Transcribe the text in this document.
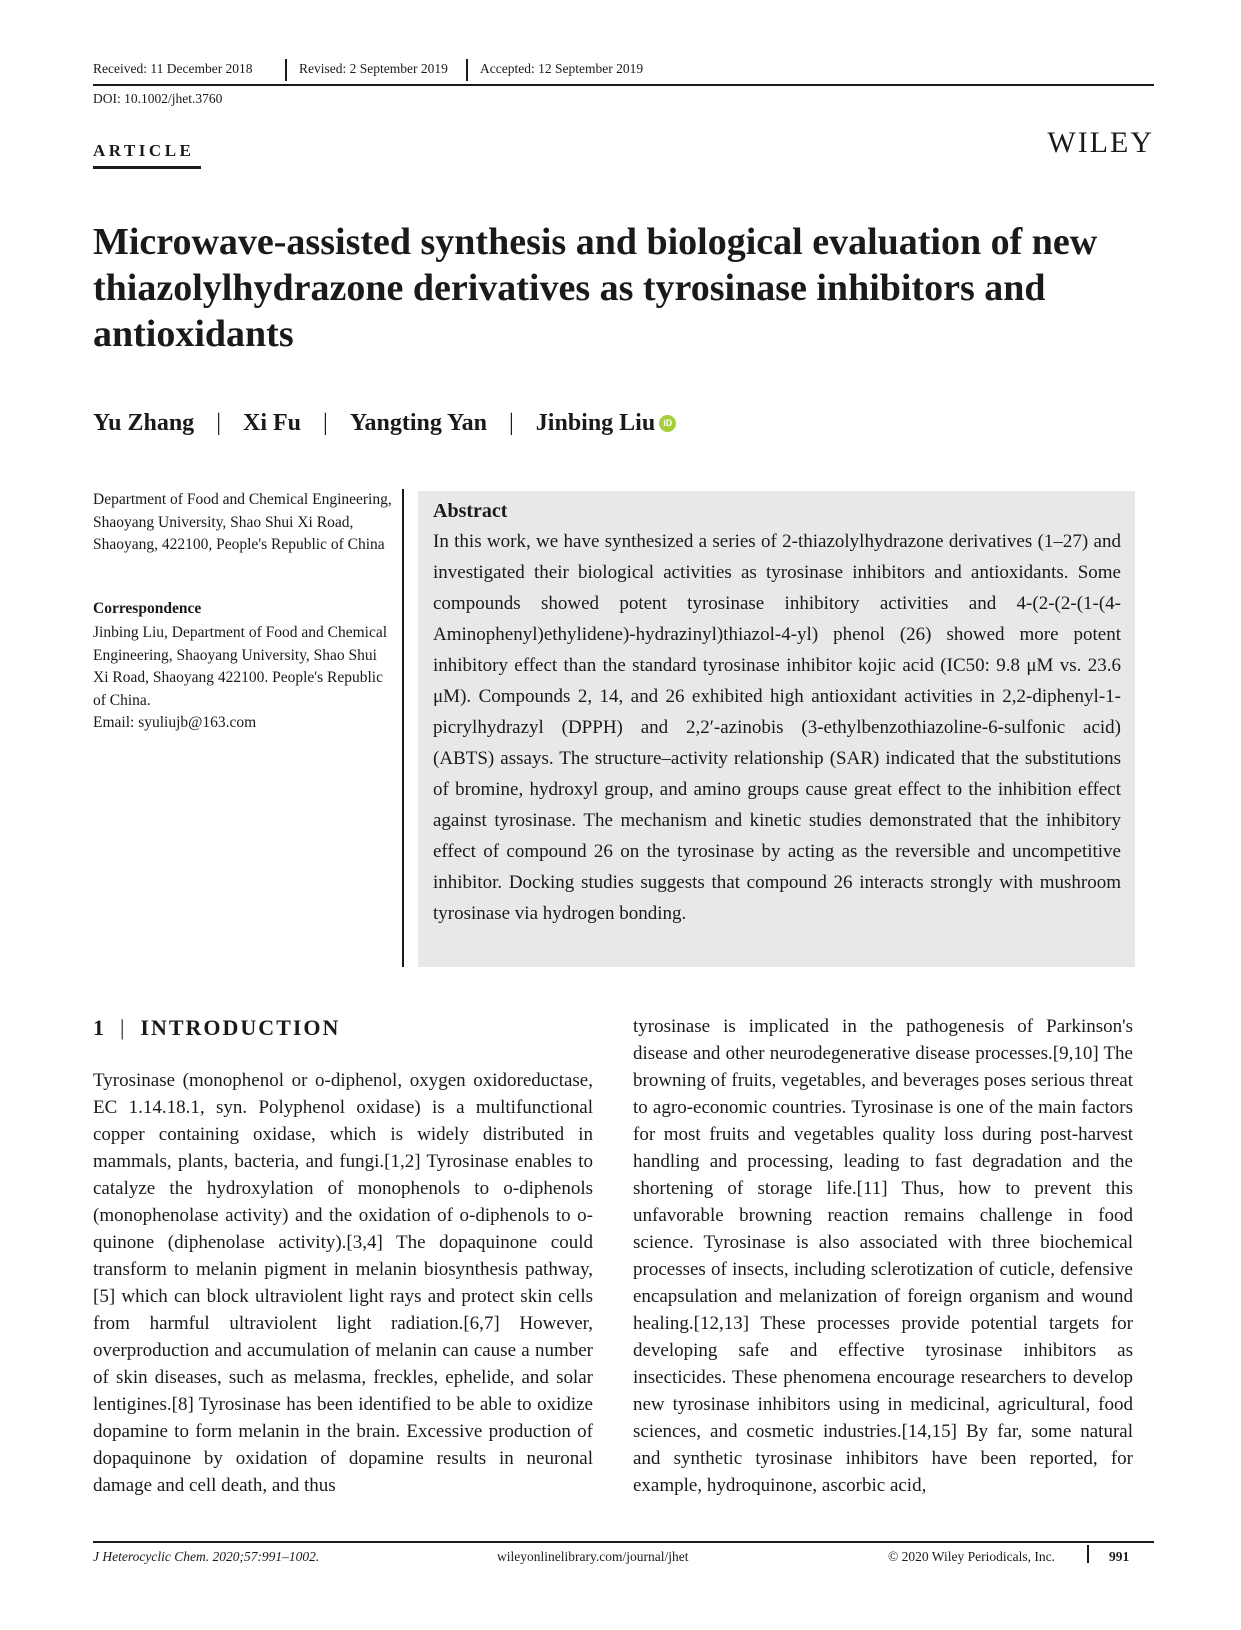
Received: 11 December 2018	Revised: 2 September 2019 Accepted: 12 September 2019
DOI: 10.1002/jhet.3760
ARTICLE	WILEY
Microwave-assisted synthesis and biological evaluation of new thiazolylhydrazone derivatives as tyrosinase inhibitors and antioxidants
Yu Zhang | Xi Fu | Yangting Yan | Jinbing Liu iD
Department of Food and Chemical Engineering, Shaoyang University, Shao Shui Xi Road, Shaoyang, 422100, People's Republic of China
Correspondence
Jinbing Liu, Department of Food and Chemical Engineering, Shaoyang University, Shao Shui Xi Road, Shaoyang 422100. People's Republic of China.
Email: syuliujb@163.com
Abstract

In this work, we have synthesized a series of 2-thiazolylhydrazone derivatives (1–27) and investigated their biological activities as tyrosinase inhibitors and antioxidants. Some compounds showed potent tyrosinase inhibitory activities and 4-(2-(2-(1-(4-Aminophenyl)ethylidene)-hydrazinyl)thiazol-4-yl) phenol (26) showed more potent inhibitory effect than the standard tyrosinase inhibitor kojic acid (IC50: 9.8 μM vs. 23.6 μM). Compounds 2, 14, and 26 exhibited high antioxidant activities in 2,2-diphenyl-1-picrylhydrazyl (DPPH) and 2,2′-azinobis (3-ethylbenzothiazoline-6-sulfonic acid) (ABTS) assays. The structure–activity relationship (SAR) indicated that the substitutions of bromine, hydroxyl group, and amino groups cause great effect to the inhibition effect against tyrosinase. The mechanism and kinetic studies demonstrated that the inhibitory effect of compound 26 on the tyrosinase by acting as the reversible and uncompetitive inhibitor. Docking studies suggests that compound 26 interacts strongly with mushroom tyrosinase via hydrogen bonding.

1 | INTRODUCTION

Tyrosinase (monophenol or o-diphenol, oxygen oxidoreductase, EC 1.14.18.1, syn. Polyphenol oxidase) is a multifunctional copper containing oxidase, which is widely distributed in mammals, plants, bacteria, and fungi.[1,2] Tyrosinase enables to catalyze the hydroxylation of monophenols to o-diphenols (monophenolase activity) and the oxidation of o-diphenols to o-quinone (diphenolase activity).[3,4] The dopaquinone could transform to melanin pigment in melanin biosynthesis pathway,[5] which can block ultraviolent light rays and protect skin cells from harmful ultraviolent light radiation.[6,7] However, overproduction and accumulation of melanin can cause a number of skin diseases, such as melasma, freckles, ephelide, and solar lentigines.[8] Tyrosinase has been identified to be able to oxidize dopamine to form melanin in the brain. Excessive production of dopaquinone by oxidation of dopamine results in neuronal damage and cell death, and thus

tyrosinase is implicated in the pathogenesis of Parkinson's disease and other neurodegenerative disease processes.[9,10] The browning of fruits, vegetables, and beverages poses serious threat to agro-economic countries. Tyrosinase is one of the main factors for most fruits and vegetables quality loss during post-harvest handling and processing, leading to fast degradation and the shortening of storage life.[11] Thus, how to prevent this unfavorable browning reaction remains challenge in food science. Tyrosinase is also associated with three biochemical processes of insects, including sclerotization of cuticle, defensive encapsulation and melanization of foreign organism and wound healing.[12,13] These processes provide potential targets for developing safe and effective tyrosinase inhibitors as insecticides. These phenomena encourage researchers to develop new tyrosinase inhibitors using in medicinal, agricultural, food sciences, and cosmetic industries.[14,15] By far, some natural and synthetic tyrosinase inhibitors have been reported, for example, hydroquinone, ascorbic acid,

J Heterocyclic Chem. 2020;57:991–1002.	wileyonlinelibrary.com/journal/jhet	© 2020 Wiley Periodicals, Inc.	991
